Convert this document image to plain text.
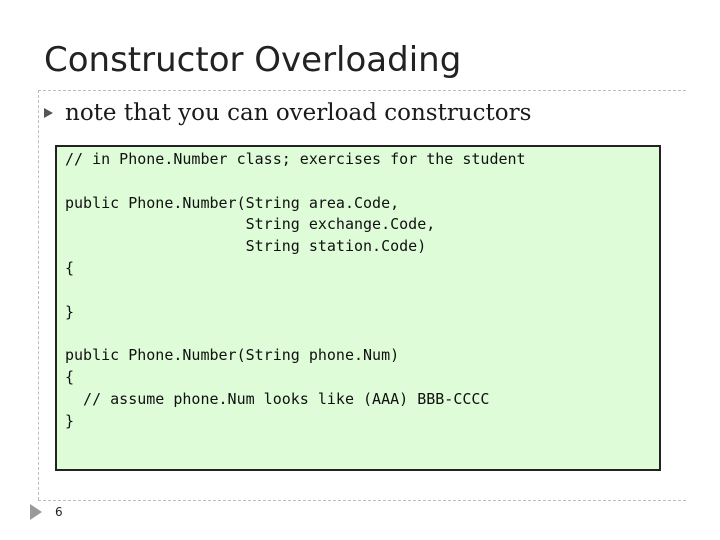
Constructor Overloading
note that you can overload constructors
// in Phone.Number class; exercises for the student
public Phone.Number(String area.Code,
String exchange.Code,
String station.Code)
{
}
public Phone.Number(String phone.Num)
{
// assume phone.Num looks like (AAA) BBB-CCCC
}
6
